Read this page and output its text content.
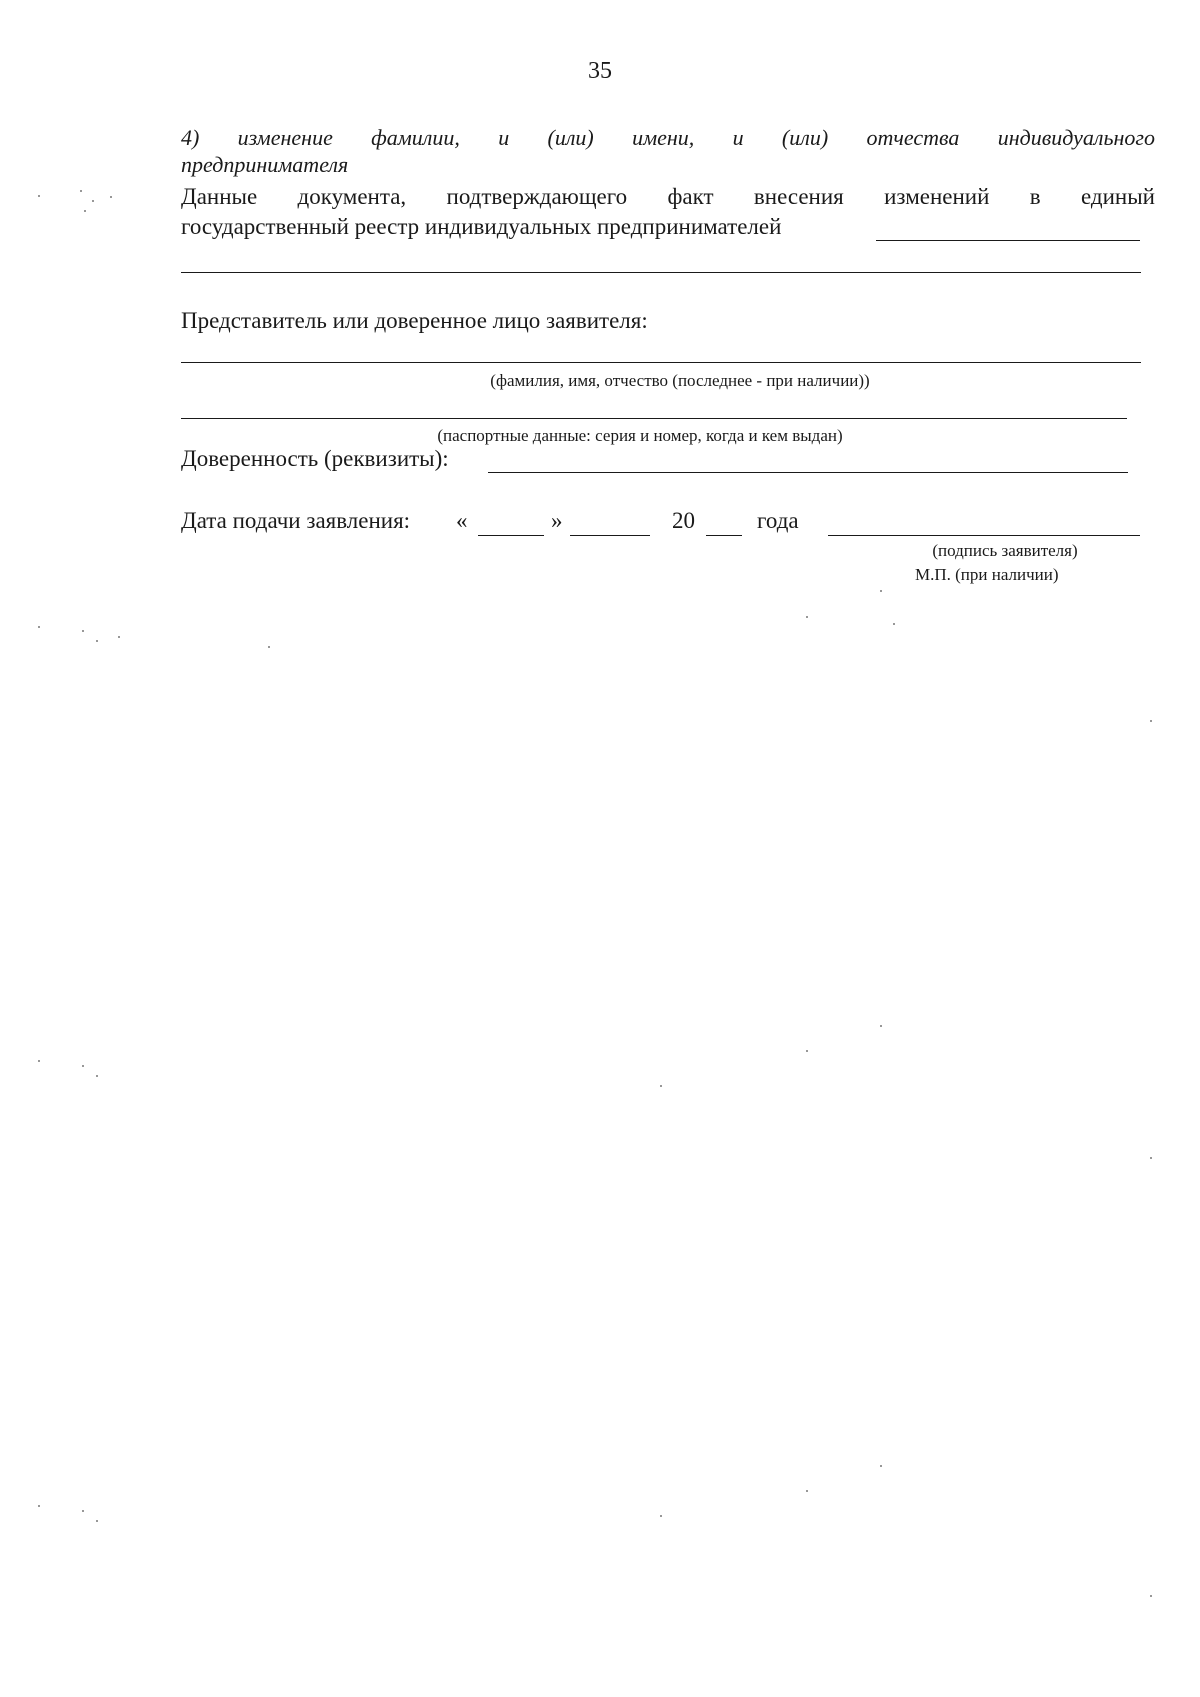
35
4) изменение фамилии, и (или) имени, и (или) отчества индивидуального
предпринимателя
Данные документа, подтверждающего факт внесения изменений в единый
государственный реестр индивидуальных предпринимателей
Представитель или доверенное лицо заявителя:
(фамилия, имя, отчество (последнее - при наличии))
(паспортные данные: серия и номер, когда и кем выдан)
Доверенность (реквизиты):
Дата подачи заявления: «	»	20	года
(подпись заявителя)
М.П. (при наличии)
